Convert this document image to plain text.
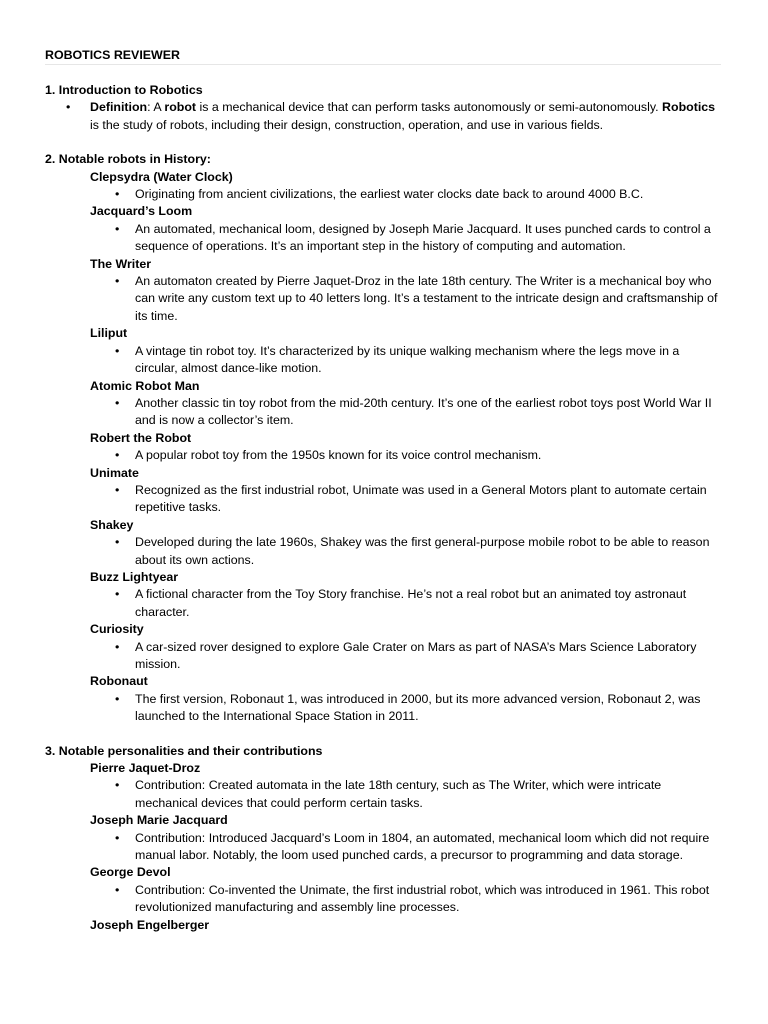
ROBOTICS REVIEWER
1. Introduction to Robotics
• Definition: A robot is a mechanical device that can perform tasks autonomously or semi-autonomously. Robotics is the study of robots, including their design, construction, operation, and use in various fields.
2. Notable robots in History:
Clepsydra (Water Clock)
• Originating from ancient civilizations, the earliest water clocks date back to around 4000 B.C.
Jacquard’s Loom
• An automated, mechanical loom, designed by Joseph Marie Jacquard. It uses punched cards to control a sequence of operations. It’s an important step in the history of computing and automation.
The Writer
• An automaton created by Pierre Jaquet-Droz in the late 18th century. The Writer is a mechanical boy who can write any custom text up to 40 letters long. It’s a testament to the intricate design and craftsmanship of its time.
Liliput
• A vintage tin robot toy. It’s characterized by its unique walking mechanism where the legs move in a circular, almost dance-like motion.
Atomic Robot Man
• Another classic tin toy robot from the mid-20th century. It’s one of the earliest robot toys post World War II and is now a collector’s item.
Robert the Robot
• A popular robot toy from the 1950s known for its voice control mechanism.
Unimate
• Recognized as the first industrial robot, Unimate was used in a General Motors plant to automate certain repetitive tasks.
Shakey
• Developed during the late 1960s, Shakey was the first general-purpose mobile robot to be able to reason about its own actions.
Buzz Lightyear
• A fictional character from the Toy Story franchise. He’s not a real robot but an animated toy astronaut character.
Curiosity
• A car-sized rover designed to explore Gale Crater on Mars as part of NASA’s Mars Science Laboratory mission.
Robonaut
• The first version, Robonaut 1, was introduced in 2000, but its more advanced version, Robonaut 2, was launched to the International Space Station in 2011.
3. Notable personalities and their contributions
Pierre Jaquet-Droz
• Contribution: Created automata in the late 18th century, such as The Writer, which were intricate mechanical devices that could perform certain tasks.
Joseph Marie Jacquard
• Contribution: Introduced Jacquard’s Loom in 1804, an automated, mechanical loom which did not require manual labor. Notably, the loom used punched cards, a precursor to programming and data storage.
George Devol
• Contribution: Co-invented the Unimate, the first industrial robot, which was introduced in 1961. This robot revolutionized manufacturing and assembly line processes.
Joseph Engelberger
